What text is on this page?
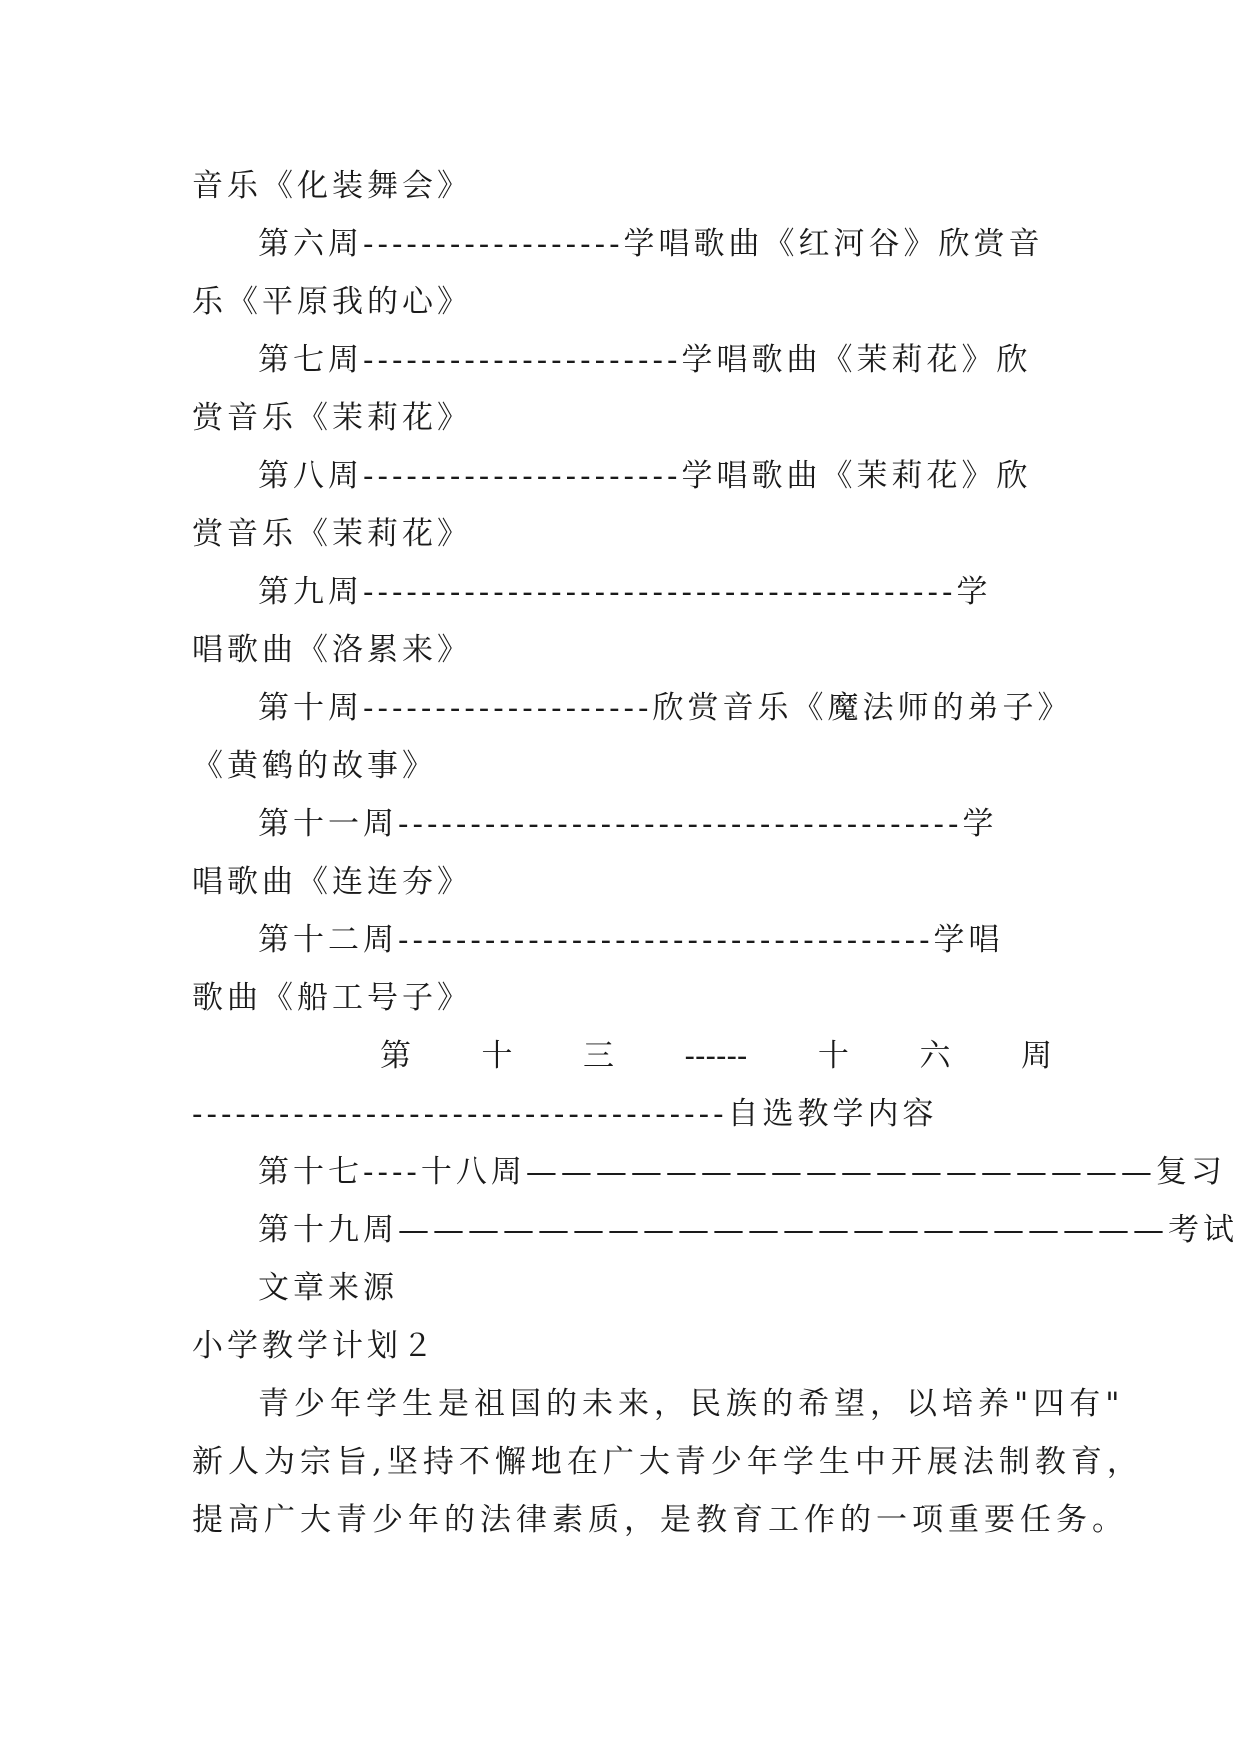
音乐《化装舞会》
第六周------------------学唱歌曲《红河谷》欣赏音
乐《平原我的心》
第七周----------------------学唱歌曲《茉莉花》欣
赏音乐《茉莉花》
第八周----------------------学唱歌曲《茉莉花》欣
赏音乐《茉莉花》
第九周-----------------------------------------学
唱歌曲《洛累来》
第十周--------------------欣赏音乐《魔法师的弟子》
《黄鹤的故事》
第十一周---------------------------------------学
唱歌曲《连连夯》
第十二周-------------------------------------学唱
歌曲《船工号子》
第 十 三 ------ 十 六 周
-------------------------------------自选教学内容
第十七----十八周——————————————————复习
第十九周——————————————————————考试
文章来源
小学教学计划２
青少年学生是祖国的未来，民族的希望，以培养"四有"
新人为宗旨,坚持不懈地在广大青少年学生中开展法制教育，
提高广大青少年的法律素质，是教育工作的一项重要任务。
